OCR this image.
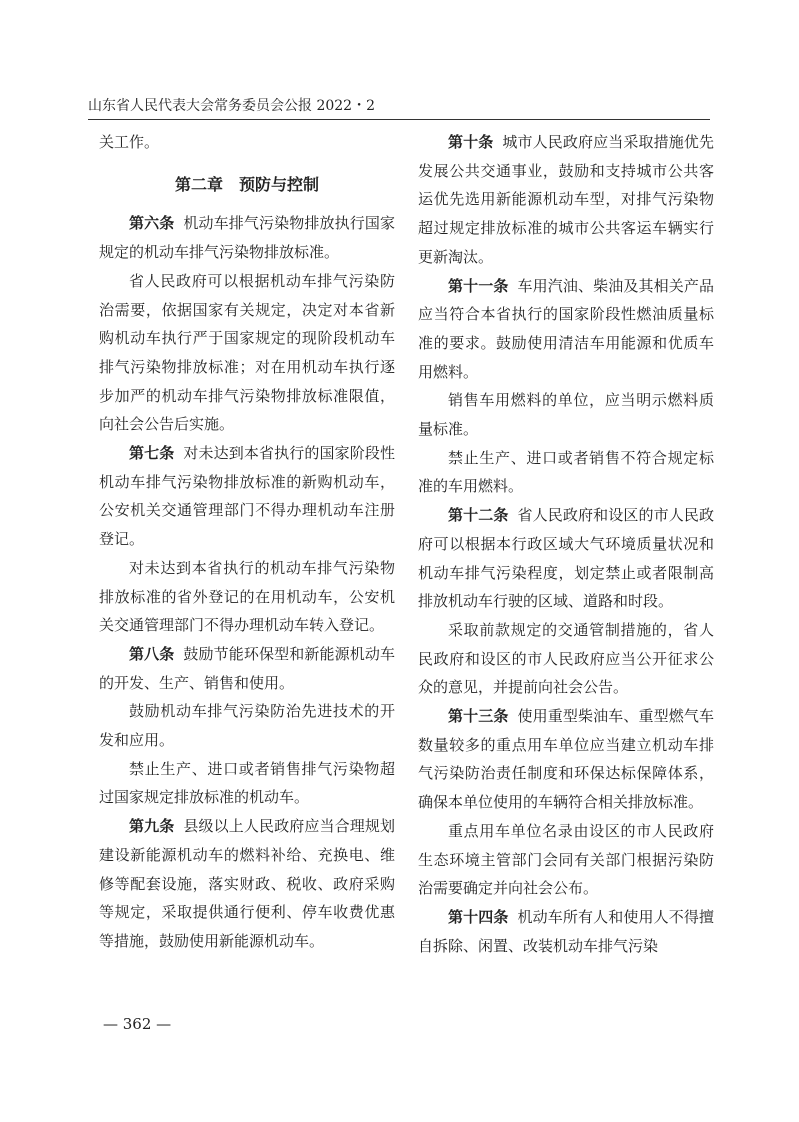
山东省人民代表大会常务委员会公报 2022・2

关工作。

第二章　预防与控制

第六条 机动车排气污染物排放执行国家规定的机动车排气污染物排放标准。

省人民政府可以根据机动车排气污染防治需要，依据国家有关规定，决定对本省新购机动车执行严于国家规定的现阶段机动车排气污染物排放标准；对在用机动车执行逐步加严的机动车排气污染物排放标准限值，向社会公告后实施。

第七条 对未达到本省执行的国家阶段性机动车排气污染物排放标准的新购机动车，公安机关交通管理部门不得办理机动车注册登记。

对未达到本省执行的机动车排气污染物排放标准的省外登记的在用机动车，公安机关交通管理部门不得办理机动车转入登记。

第八条 鼓励节能环保型和新能源机动车的开发、生产、销售和使用。

鼓励机动车排气污染防治先进技术的开发和应用。

禁止生产、进口或者销售排气污染物超过国家规定排放标准的机动车。

第九条 县级以上人民政府应当合理规划建设新能源机动车的燃料补给、充换电、维修等配套设施，落实财政、税收、政府采购等规定，采取提供通行便利、停车收费优惠等措施，鼓励使用新能源机动车。

第十条 城市人民政府应当采取措施优先发展公共交通事业，鼓励和支持城市公共客运优先选用新能源机动车型，对排气污染物超过规定排放标准的城市公共客运车辆实行更新淘汰。

第十一条 车用汽油、柴油及其相关产品应当符合本省执行的国家阶段性燃油质量标准的要求。鼓励使用清洁车用能源和优质车用燃料。

销售车用燃料的单位，应当明示燃料质量标准。

禁止生产、进口或者销售不符合规定标准的车用燃料。

第十二条 省人民政府和设区的市人民政府可以根据本行政区域大气环境质量状况和机动车排气污染程度，划定禁止或者限制高排放机动车行驶的区域、道路和时段。

采取前款规定的交通管制措施的，省人民政府和设区的市人民政府应当公开征求公众的意见，并提前向社会公告。

第十三条 使用重型柴油车、重型燃气车数量较多的重点用车单位应当建立机动车排气污染防治责任制度和环保达标保障体系，确保本单位使用的车辆符合相关排放标准。

重点用车单位名录由设区的市人民政府生态环境主管部门会同有关部门根据污染防治需要确定并向社会公布。

第十四条 机动车所有人和使用人不得擅自拆除、闲置、改装机动车排气污染

— 362 —
